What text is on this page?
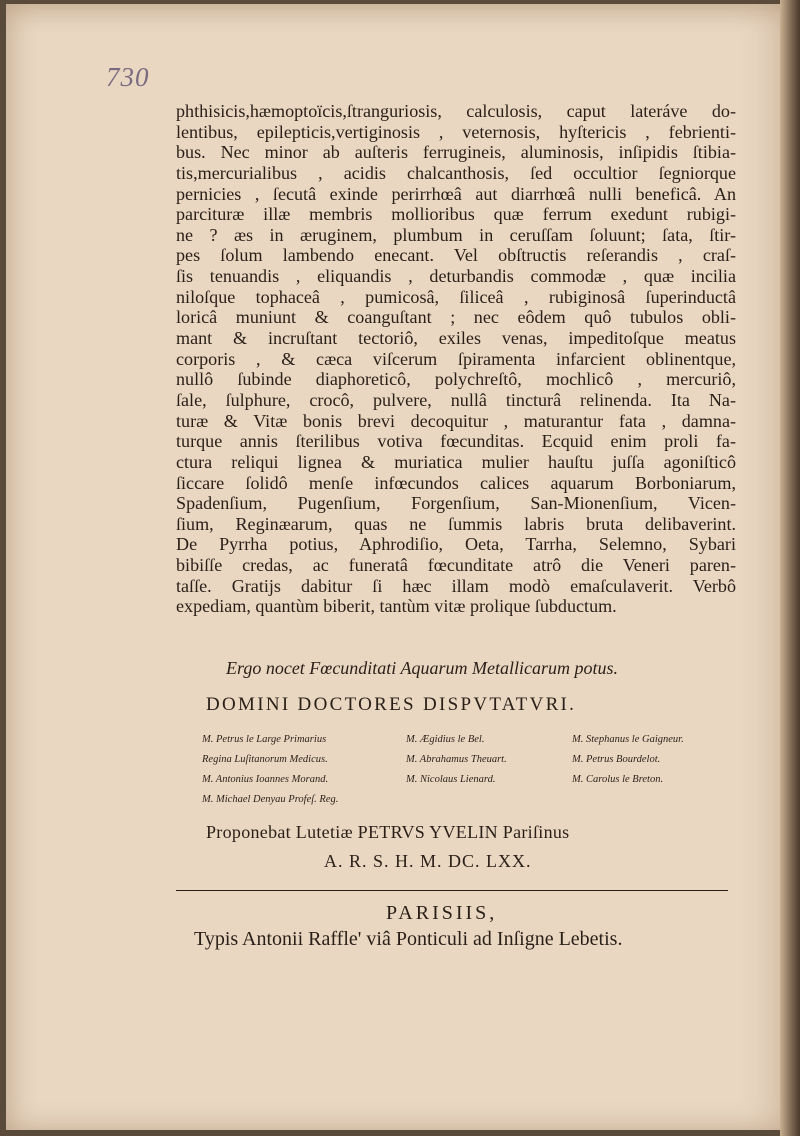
730
phthisicis,hæmoptoïcis,ſtranguriosis, calculosis, caput lateráve do-
lentibus, epilepticis,vertiginosis , veternosis, hyſtericis , febrienti-
bus. Nec minor ab auſteris ferrugineis, aluminosis, inſipidis ſtibia-
tis,mercurialibus , acidis chalcanthosis, ſed occultior ſegniorque
pernicies , ſecutâ exinde perirrhœâ aut diarrhœâ nulli beneficâ. An
parcituræ illæ membris mollioribus quæ ferrum exedunt rubigi-
ne ? æs in æruginem, plumbum in ceruſſam ſoluunt; ſata, ſtir-
pes ſolum lambendo enecant. Vel obſtructis reſerandis , craſ-
ſis tenuandis , eliquandis , deturbandis commodæ , quæ incilia
niloſque tophaceâ , pumicosâ, ſiliceâ , rubiginosâ ſuperinductâ
loricâ muniunt & coanguſtant ; nec eôdem quô tubulos obli-
mant & incruſtant tectoriô, exiles venas, impeditoſque meatus
corporis , & cæca viſcerum ſpiramenta infarcient oblinentque,
nullô ſubinde diaphoreticô, polychreſtô, mochlicô , mercuriô,
ſale, ſulphure, crocô, pulvere, nullâ tincturâ relinenda. Ita Na-
turæ & Vitæ bonis brevi decoquitur , maturantur fata , damna-
turque annis ſterilibus votiva fœcunditas. Ecquid enim proli fa-
ctura reliqui lignea & muriatica mulier hauſtu juſſa agoniſticô
ſiccare ſolidô menſe infœcundos calices aquarum Borboniarum,
Spadenſium, Pugenſium, Forgenſium, San-Mionenſium, Vicen-
ſium, Reginæarum, quas ne ſummis labris bruta delibaverint.
De Pyrrha potius, Aphrodiſio, Oeta, Tarrha, Selemno, Sybari
bibiſſe credas, ac funeratâ fœcunditate atrô die Veneri paren-
taſſe. Gratijs dabitur ſi hæc illam modò emaſculaverit. Verbô
expediam, quantùm biberit, tantùm vitæ prolique ſubductum.
Ergo nocet Fœcunditati Aquarum Metallicarum potus.
DOMINI DOCTORES DISPVTATVRI.
M. Petrus le Large Primarius	M. Ægidius le Bel.	M. Stephanus le Gaigneur.
Regina Luſitanorum Medicus.	M. Abrahamus Theuart.	M. Petrus Bourdelot.
M. Antonius Ioannes Morand.	M. Nicolaus Lienard.	M. Carolus le Breton.
M. Michael Denyau Profeſ. Reg.
Proponebat Lutetiæ PETRVS YVELIN Pariſinus
A. R. S. H. M. DC. LXX.
PARISIIS,
Typis Antonii Raffle' viâ Ponticuli ad Inſigne Lebetis.
